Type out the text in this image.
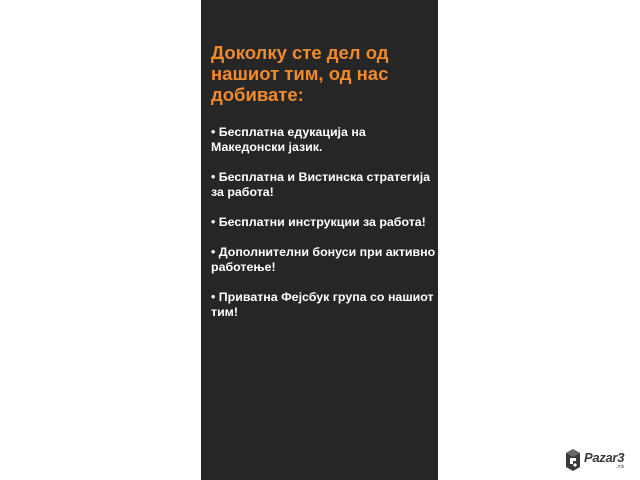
Доколку сте дел од нашиот тим, од нас добивате:
• Бесплатна едукација на Македонски јазик.
• Бесплатна и Вистинска стратегија за работа!
• Бесплатни инструкции за работа!
• Дополнителни бонуси при активно работење!
• Приватна Фејсбук група со нашиот тим!
Pazar3
.mk
